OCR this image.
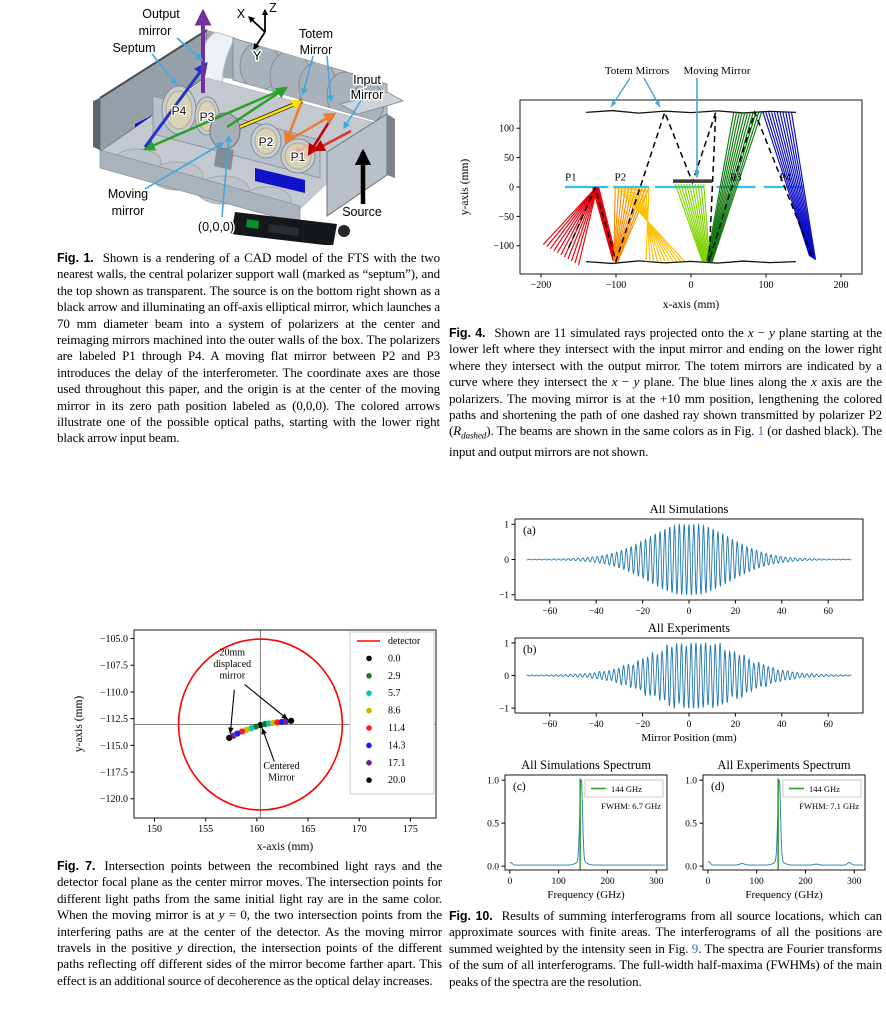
X Z
Y
Output
mirror
Septum
Totem
Mirror
Input
Mirror
Moving
mirror
(0,0,0)
Source
P4 P3
P2
P1
Fig. 1. Shown is a rendering of a CAD model of the FTS with the two nearest walls, the central polarizer support wall (marked as “septum”), and the top shown as transparent. The source is on the bottom right shown as a black arrow and illuminating an off-axis elliptical mirror, which launches a 70 mm diameter beam into a system of polarizers at the center and reimaging mirrors machined into the outer walls of the box. The polarizers are labeled P1 through P4. A moving flat mirror between P2 and P3 introduces the delay of the interferometer. The coordinate axes are those used throughout this paper, and the origin is at the center of the moving mirror in its zero path position labeled as (0,0,0). The colored arrows illustrate one of the possible optical paths, starting with the lower right black arrow input beam.
P1	P2	P3	P4
−200	−100	0	100	200
−100
−50
0
50
100
x-axis (mm)
y-axis (mm)
Totem Mirrors Moving Mirror
Fig. 4. Shown are 11 simulated rays projected onto the x − y plane starting at the lower left where they intersect with the input mirror and ending on the lower right where they intersect with the output mirror. The totem mirrors are indicated by a curve where they intersect the x − y plane. The blue lines along the x axis are the polarizers. The moving mirror is at the +10 mm position, lengthening the colored paths and shortening the path of one dashed ray shown transmitted by polarizer P2 $(R_{dashed})$. The beams are shown in the same colors as in Fig. 1 (or dashed black). The input and output mirrors are not shown.
20mm displaced mirror
Centered Mirror
150	155	160	165	170	175
−105.0
−107.5
−110.0
−112.5
−115.0
−117.5
−120.0
x-axis (mm)
y-axis (mm)
detector
0.0
2.9
5.7
8.6
11.4
14.3
17.1
20.0
Fig. 7. Intersection points between the recombined light rays and the detector focal plane as the center mirror moves. The intersection points for different light paths from the same initial light ray are in the same color. When the moving mirror is at y = 0, the two intersection points from the interfering paths are at the center of the detector. As the moving mirror travels in the positive y direction, the intersection points of the different paths reflecting off different sides of the mirror become farther apart. This effect is an additional source of decoherence as the optical delay increases.
All Simulations
−60	−40	−20	0	20	40	60
1
0
−1
(a)
All Experiments
−60	−40	−20	0	20	40	60
1
0
−1
(b)
Mirror Position (mm)
All Simulations Spectrum
0	100	200	300
0.0
0.5
1.0 (c)
Frequency (GHz)
144 GHz
FWHM: 6.7 GHz
All Experiments Spectrum
0	100	200	300
0.0
0.5
1.0 (d)
Frequency (GHz)
144 GHz
FWHM: 7.1 GHz
Fig. 10. Results of summing interferograms from all source locations, which can approximate sources with finite areas. The interferograms of all the positions are summed weighted by the intensity seen in Fig. 9. The spectra are Fourier transforms of the sum of all interferograms. The full-width half-maxima (FWHMs) of the main peaks of the spectra are the resolution.
